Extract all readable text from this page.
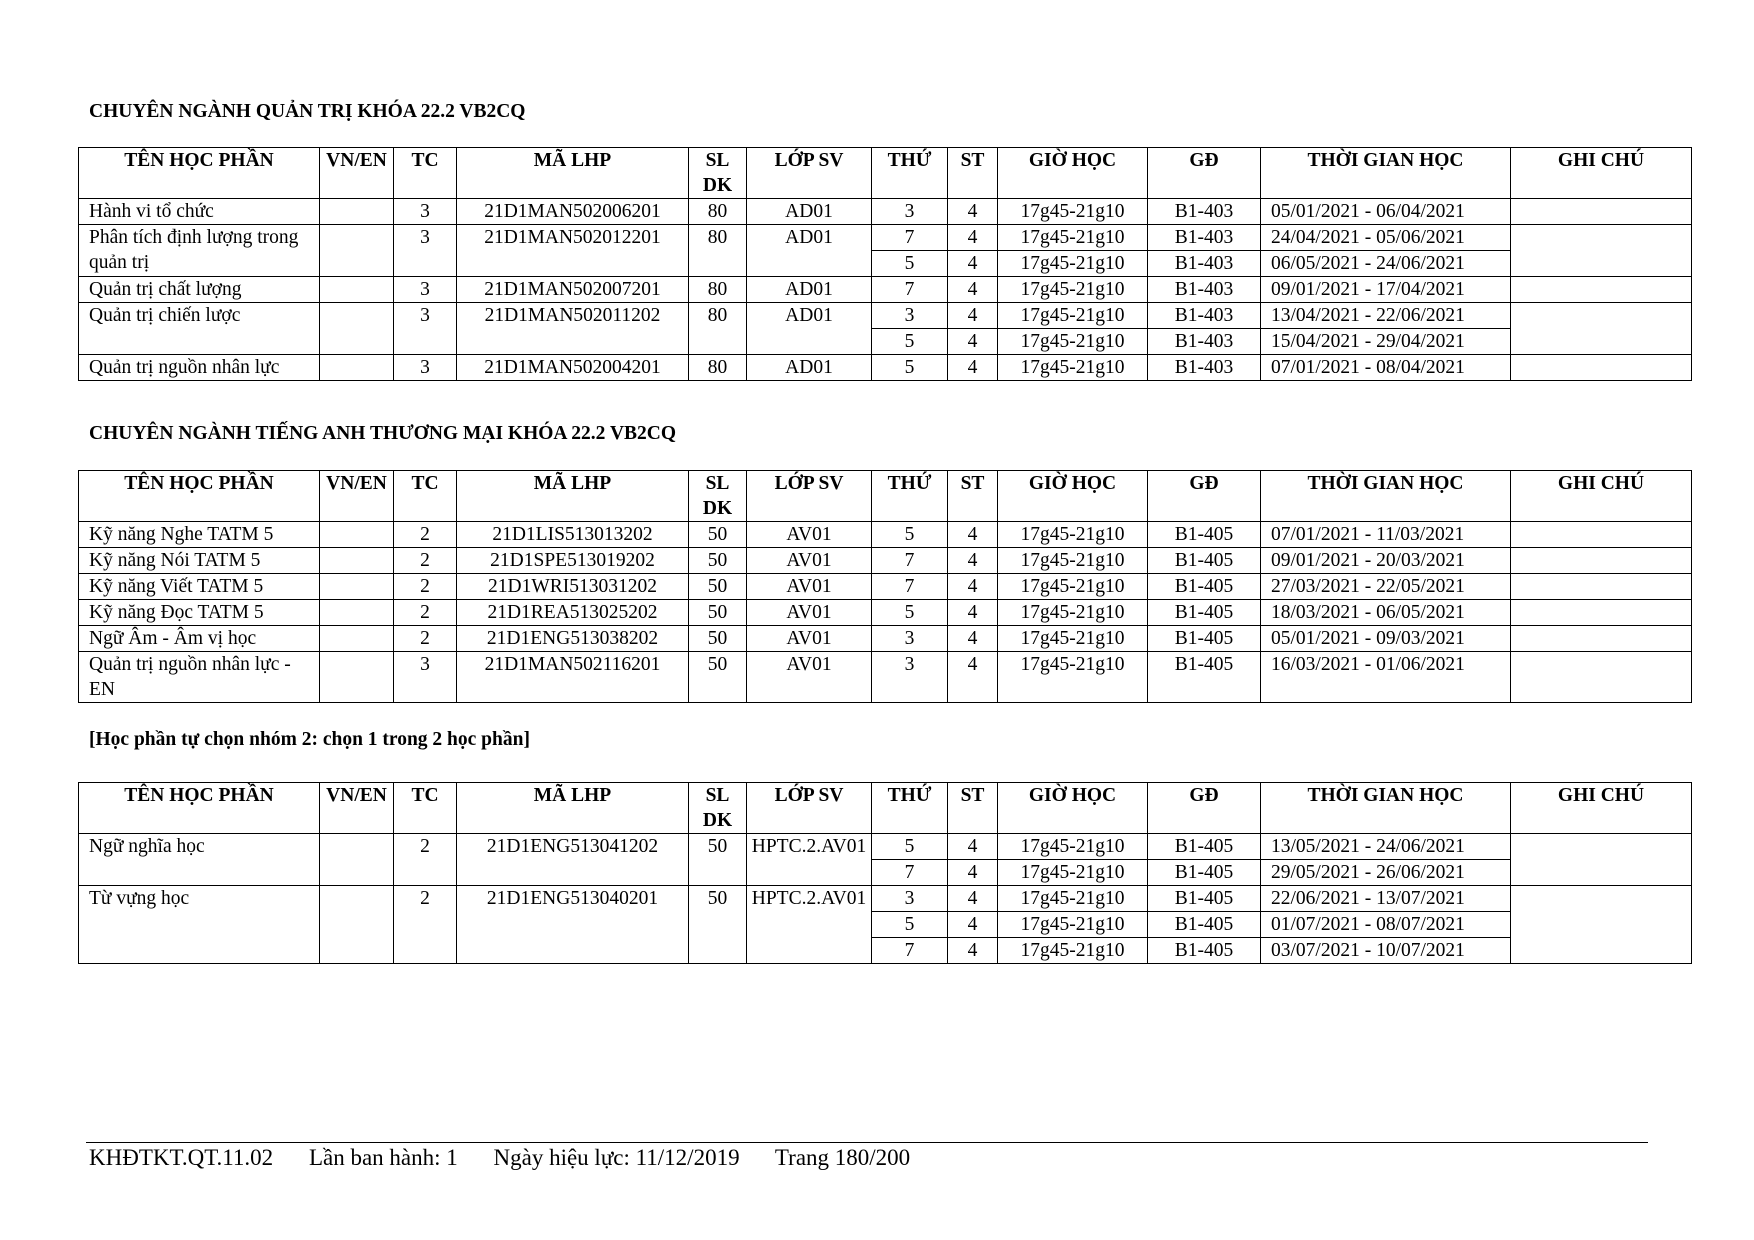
CHUYÊN NGÀNH QUẢN TRỊ KHÓA 22.2 VB2CQ
TÊN HỌC PHẦN	VN/EN	TC	MÃ LHP	SL DK	LỚP SV	THỨ	ST	GIỜ HỌC	GĐ	THỜI GIAN HỌC	GHI CHÚ
Hành vi tổ chức		3	21D1MAN502006201	80	AD01	3	4	17g45-21g10	B1-403	05/01/2021 - 06/04/2021	
Phân tích định lượng trong quản trị		3	21D1MAN502012201	80	AD01	7	4	17g45-21g10	B1-403	24/04/2021 - 05/06/2021	
						5	4	17g45-21g10	B1-403	06/05/2021 - 24/06/2021	
Quản trị chất lượng		3	21D1MAN502007201	80	AD01	7	4	17g45-21g10	B1-403	09/01/2021 - 17/04/2021	
Quản trị chiến lược		3	21D1MAN502011202	80	AD01	3	4	17g45-21g10	B1-403	13/04/2021 - 22/06/2021	
						5	4	17g45-21g10	B1-403	15/04/2021 - 29/04/2021	
Quản trị nguồn nhân lực		3	21D1MAN502004201	80	AD01	5	4	17g45-21g10	B1-403	07/01/2021 - 08/04/2021	
CHUYÊN NGÀNH TIẾNG ANH THƯƠNG MẠI KHÓA 22.2 VB2CQ
TÊN HỌC PHẦN	VN/EN	TC	MÃ LHP	SL DK	LỚP SV	THỨ	ST	GIỜ HỌC	GĐ	THỜI GIAN HỌC	GHI CHÚ
Kỹ năng Nghe TATM 5		2	21D1LIS513013202	50	AV01	5	4	17g45-21g10	B1-405	07/01/2021 - 11/03/2021	
Kỹ năng Nói TATM 5		2	21D1SPE513019202	50	AV01	7	4	17g45-21g10	B1-405	09/01/2021 - 20/03/2021	
Kỹ năng Viết TATM 5		2	21D1WRI513031202	50	AV01	7	4	17g45-21g10	B1-405	27/03/2021 - 22/05/2021	
Kỹ năng Đọc TATM 5		2	21D1REA513025202	50	AV01	5	4	17g45-21g10	B1-405	18/03/2021 - 06/05/2021	
Ngữ Âm - Âm vị học		2	21D1ENG513038202	50	AV01	3	4	17g45-21g10	B1-405	05/01/2021 - 09/03/2021	
Quản trị nguồn nhân lực - EN		3	21D1MAN502116201	50	AV01	3	4	17g45-21g10	B1-405	16/03/2021 - 01/06/2021	
[Học phần tự chọn nhóm 2: chọn 1 trong 2 học phần]
TÊN HỌC PHẦN	VN/EN	TC	MÃ LHP	SL DK	LỚP SV	THỨ	ST	GIỜ HỌC	GĐ	THỜI GIAN HỌC	GHI CHÚ
Ngữ nghĩa học		2	21D1ENG513041202	50	HPTC.2.AV01	5	4	17g45-21g10	B1-405	13/05/2021 - 24/06/2021	
						7	4	17g45-21g10	B1-405	29/05/2021 - 26/06/2021	
Từ vựng học		2	21D1ENG513040201	50	HPTC.2.AV01	3	4	17g45-21g10	B1-405	22/06/2021 - 13/07/2021	
						5	4	17g45-21g10	B1-405	01/07/2021 - 08/07/2021	
						7	4	17g45-21g10	B1-405	03/07/2021 - 10/07/2021	
KHĐTKT.QT.11.02 Lần ban hành: 1 Ngày hiệu lực: 11/12/2019 Trang 180/200
